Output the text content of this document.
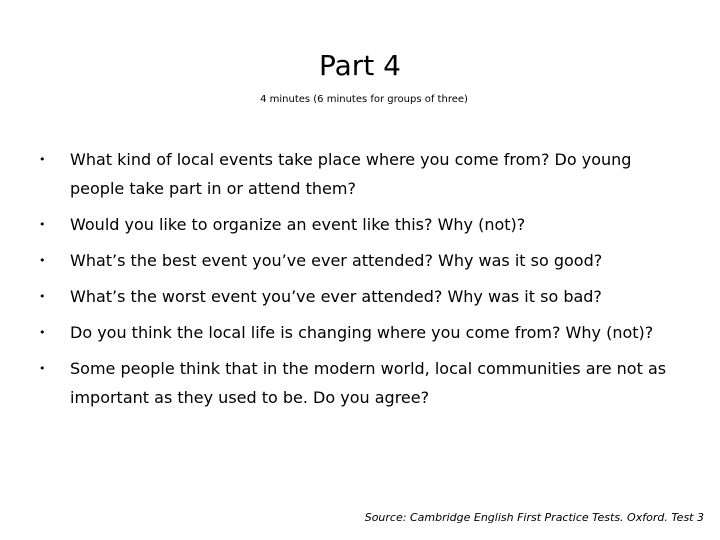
Part 4
4 minutes (6 minutes for groups of three)
• What kind of local events take place where you come from? Do young people take part in or attend them?
• Would you like to organize an event like this? Why (not)?
• What’s the best event you’ve ever attended? Why was it so good?
• What’s the worst event you’ve ever attended? Why was it so bad?
• Do you think the local life is changing where you come from? Why (not)?
• Some people think that in the modern world, local communities are not as important as they used to be. Do you agree?
Source: Cambridge English First Practice Tests. Oxford. Test 3
